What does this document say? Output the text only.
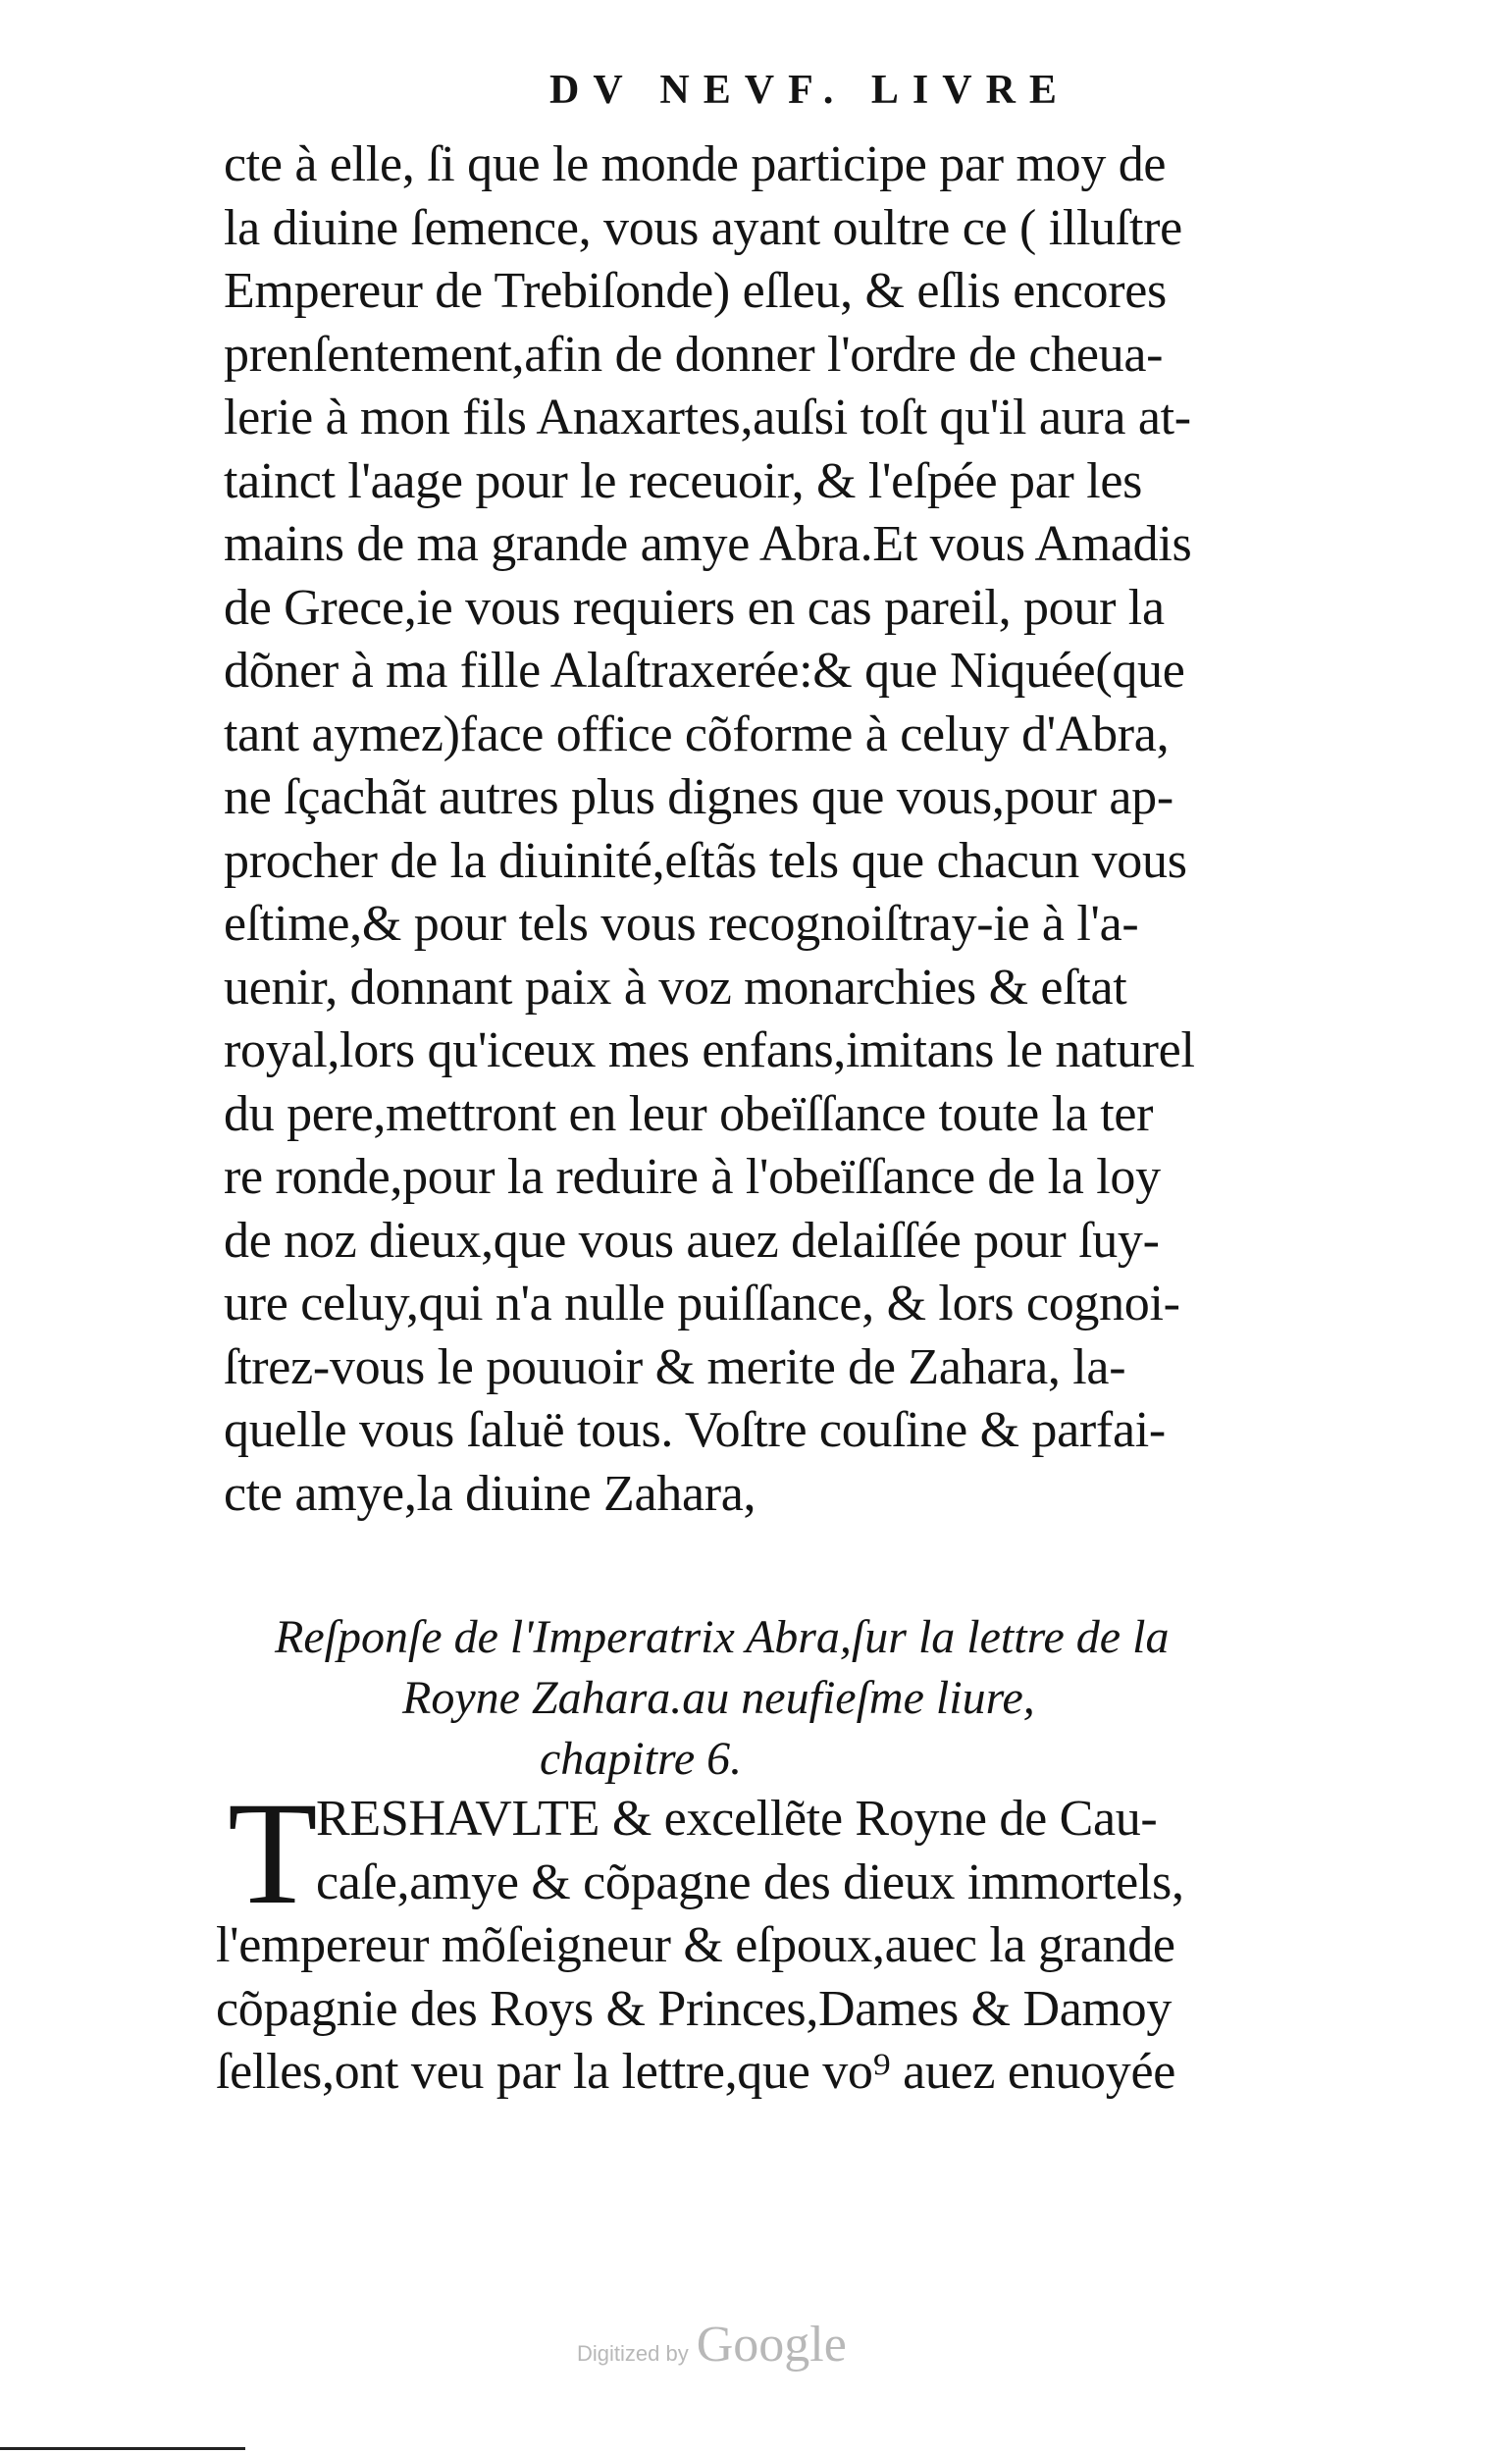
DV NEVF. LIVRE
cte à elle, ſi que le monde participe par moy de
la diuine ſemence, vous ayant oultre ce ( illuſtre
Empereur de Trebiſonde) eſleu, & eſlis encores
prenſentement,afin de donner l'ordre de cheua-
lerie à mon fils Anaxartes,auſsi toſt qu'il aura at-
tainct l'aage pour le receuoir, & l'eſpée par les
mains de ma grande amye Abra.Et vous Amadis
de Grece,ie vous requiers en cas pareil, pour la
dõner à ma fille Alaſtraxerée:& que Niquée(que
tant aymez)face office cõforme à celuy d'Abra,
ne ſçachãt autres plus dignes que vous,pour ap-
procher de la diuinité,eſtãs tels que chacun vous
eſtime,& pour tels vous recognoiſtray-ie à l'a-
uenir, donnant paix à voz monarchies & eſtat
royal,lors qu'iceux mes enfans,imitans le naturel
du pere,mettront en leur obeïſſance toute la ter
re ronde,pour la reduire à l'obeïſſance de la loy
de noz dieux,que vous auez delaiſſée pour ſuy-
ure celuy,qui n'a nulle puiſſance, & lors cognoi-
ſtrez-vous le pouuoir & merite de Zahara, la-
quelle vous ſaluë tous. Voſtre couſine & parfai-
cte amye,la diuine Zahara,
Reſponſe de l'Imperatrix Abra,ſur la lettre de la
Royne Zahara.au neufieſme liure,
chapitre 6.
T
RESHAVLTE & excellẽte Royne de Cau-
caſe,amye & cõpagne des dieux immortels,
l'empereur mõſeigneur & eſpoux,auec la grande
cõpagnie des Roys & Princes,Dames & Damoy
ſelles,ont veu par la lettre,que vo⁹ auez enuoyée
Digitized by Google
